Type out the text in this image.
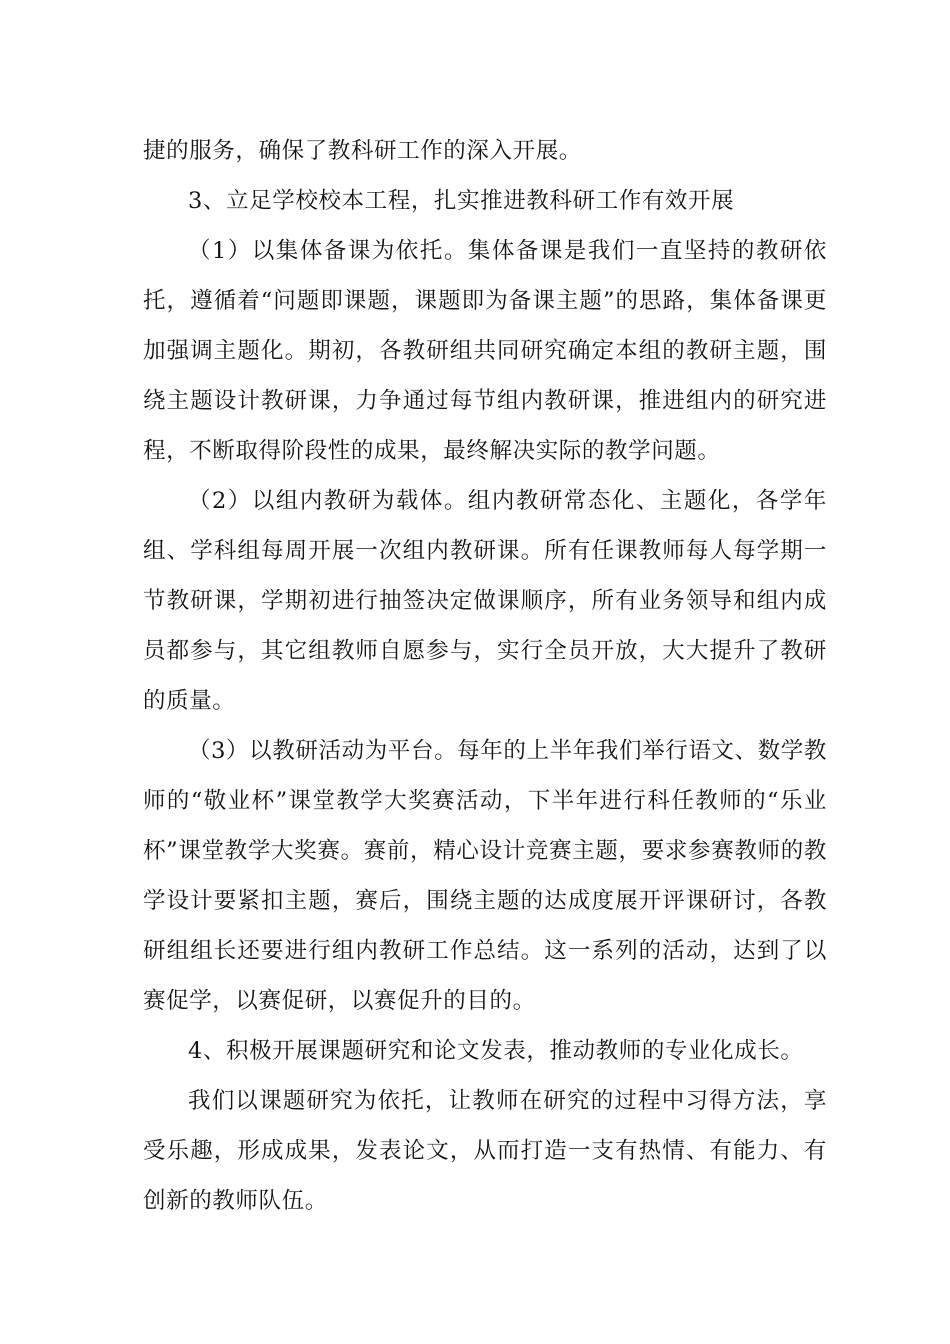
捷的服务，确保了教科研工作的深入开展。

3、立足学校校本工程，扎实推进教科研工作有效开展

（1）以集体备课为依托。集体备课是我们一直坚持的教研依托，遵循着“问题即课题，课题即为备课主题”的思路，集体备课更加强调主题化。期初，各教研组共同研究确定本组的教研主题，围绕主题设计教研课，力争通过每节组内教研课，推进组内的研究进程，不断取得阶段性的成果，最终解决实际的教学问题。

（2）以组内教研为载体。组内教研常态化、主题化，各学年组、学科组每周开展一次组内教研课。所有任课教师每人每学期一节教研课，学期初进行抽签决定做课顺序，所有业务领导和组内成员都参与，其它组教师自愿参与，实行全员开放，大大提升了教研的质量。

（3）以教研活动为平台。每年的上半年我们举行语文、数学教师的“敬业杯”课堂教学大奖赛活动，下半年进行科任教师的“乐业杯”课堂教学大奖赛。赛前，精心设计竞赛主题，要求参赛教师的教学设计要紧扣主题，赛后，围绕主题的达成度展开评课研讨，各教研组组长还要进行组内教研工作总结。这一系列的活动，达到了以赛促学，以赛促研，以赛促升的目的。

4、积极开展课题研究和论文发表，推动教师的专业化成长。

我们以课题研究为依托，让教师在研究的过程中习得方法，享受乐趣，形成成果，发表论文，从而打造一支有热情、有能力、有创新的教师队伍。
